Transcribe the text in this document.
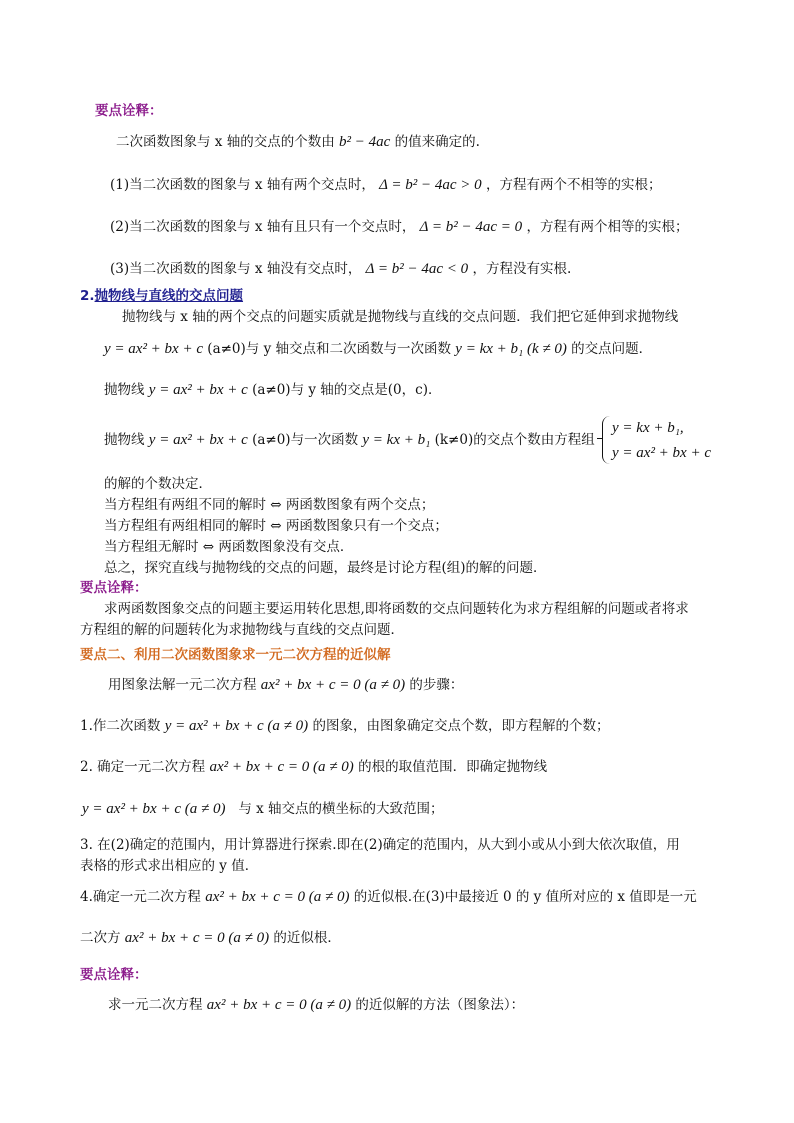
要点诠释：
二次函数图象与 x 轴的交点的个数由 b² − 4ac 的值来确定的.
(1)当二次函数的图象与 x 轴有两个交点时， Δ = b² − 4ac > 0 ，方程有两个不相等的实根；
(2)当二次函数的图象与 x 轴有且只有一个交点时， Δ = b² − 4ac = 0 ，方程有两个相等的实根；
(3)当二次函数的图象与 x 轴没有交点时， Δ = b² − 4ac < 0 ，方程没有实根.
2.抛物线与直线的交点问题
抛物线与 x 轴的两个交点的问题实质就是抛物线与直线的交点问题．我们把它延伸到求抛物线
y = ax² + bx + c (a≠0)与 y 轴交点和二次函数与一次函数 y = kx + b₁ (k ≠ 0) 的交点问题．
抛物线 y = ax² + bx + c (a≠0)与 y 轴的交点是(0，c)．
抛物线 y = ax² + bx + c (a≠0)与一次函数 y = kx + b₁ (k≠0)的交点个数由方程组
y = kx + b₁,
y = ax² + bx + c
的解的个数决定．
当方程组有两组不同的解时 ⇔ 两函数图象有两个交点；
当方程组有两组相同的解时 ⇔ 两函数图象只有一个交点；
当方程组无解时 ⇔ 两函数图象没有交点．
总之，探究直线与抛物线的交点的问题，最终是讨论方程(组)的解的问题．
要点诠释：
求两函数图象交点的问题主要运用转化思想,即将函数的交点问题转化为求方程组解的问题或者将求
方程组的解的问题转化为求抛物线与直线的交点问题．
要点二、利用二次函数图象求一元二次方程的近似解
用图象法解一元二次方程 ax² + bx + c = 0 (a ≠ 0) 的步骤：
1.作二次函数 y = ax² + bx + c (a ≠ 0) 的图象，由图象确定交点个数，即方程解的个数；
2. 确定一元二次方程 ax² + bx + c = 0 (a ≠ 0) 的根的取值范围．即确定抛物线
y = ax² + bx + c (a ≠ 0) 与 x 轴交点的横坐标的大致范围；
3. 在(2)确定的范围内，用计算器进行探索.即在(2)确定的范围内，从大到小或从小到大依次取值，用
表格的形式求出相应的 y 值．
4.确定一元二次方程 ax² + bx + c = 0 (a ≠ 0) 的近似根.在(3)中最接近 0 的 y 值所对应的 x 值即是一元
二次方 ax² + bx + c = 0 (a ≠ 0) 的近似根．
要点诠释：
求一元二次方程 ax² + bx + c = 0 (a ≠ 0) 的近似解的方法（图象法）：
